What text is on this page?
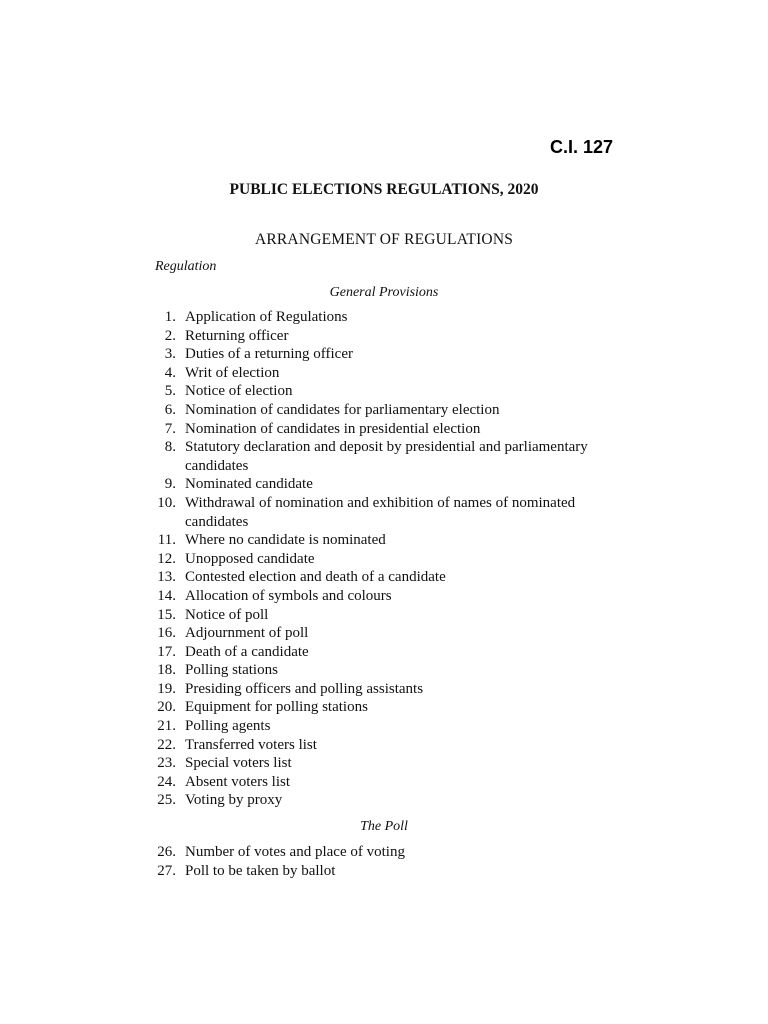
C.I. 127
PUBLIC ELECTIONS REGULATIONS, 2020
ARRANGEMENT OF REGULATIONS
Regulation
General Provisions
1. Application of Regulations
2. Returning officer
3. Duties of a returning officer
4. Writ of election
5. Notice of election
6. Nomination of candidates for parliamentary election
7. Nomination of candidates in presidential election
8. Statutory declaration and deposit by presidential and parliamentary candidates
9. Nominated candidate
10. Withdrawal of nomination and exhibition of names of nominated candidates
11. Where no candidate is nominated
12. Unopposed candidate
13. Contested election and death of a candidate
14. Allocation of symbols and colours
15. Notice of poll
16. Adjournment of poll
17. Death of a candidate
18. Polling stations
19. Presiding officers and polling assistants
20. Equipment for polling stations
21. Polling agents
22. Transferred voters list
23. Special voters list
24. Absent voters list
25. Voting by proxy
The Poll
26. Number of votes and place of voting
27. Poll to be taken by ballot
